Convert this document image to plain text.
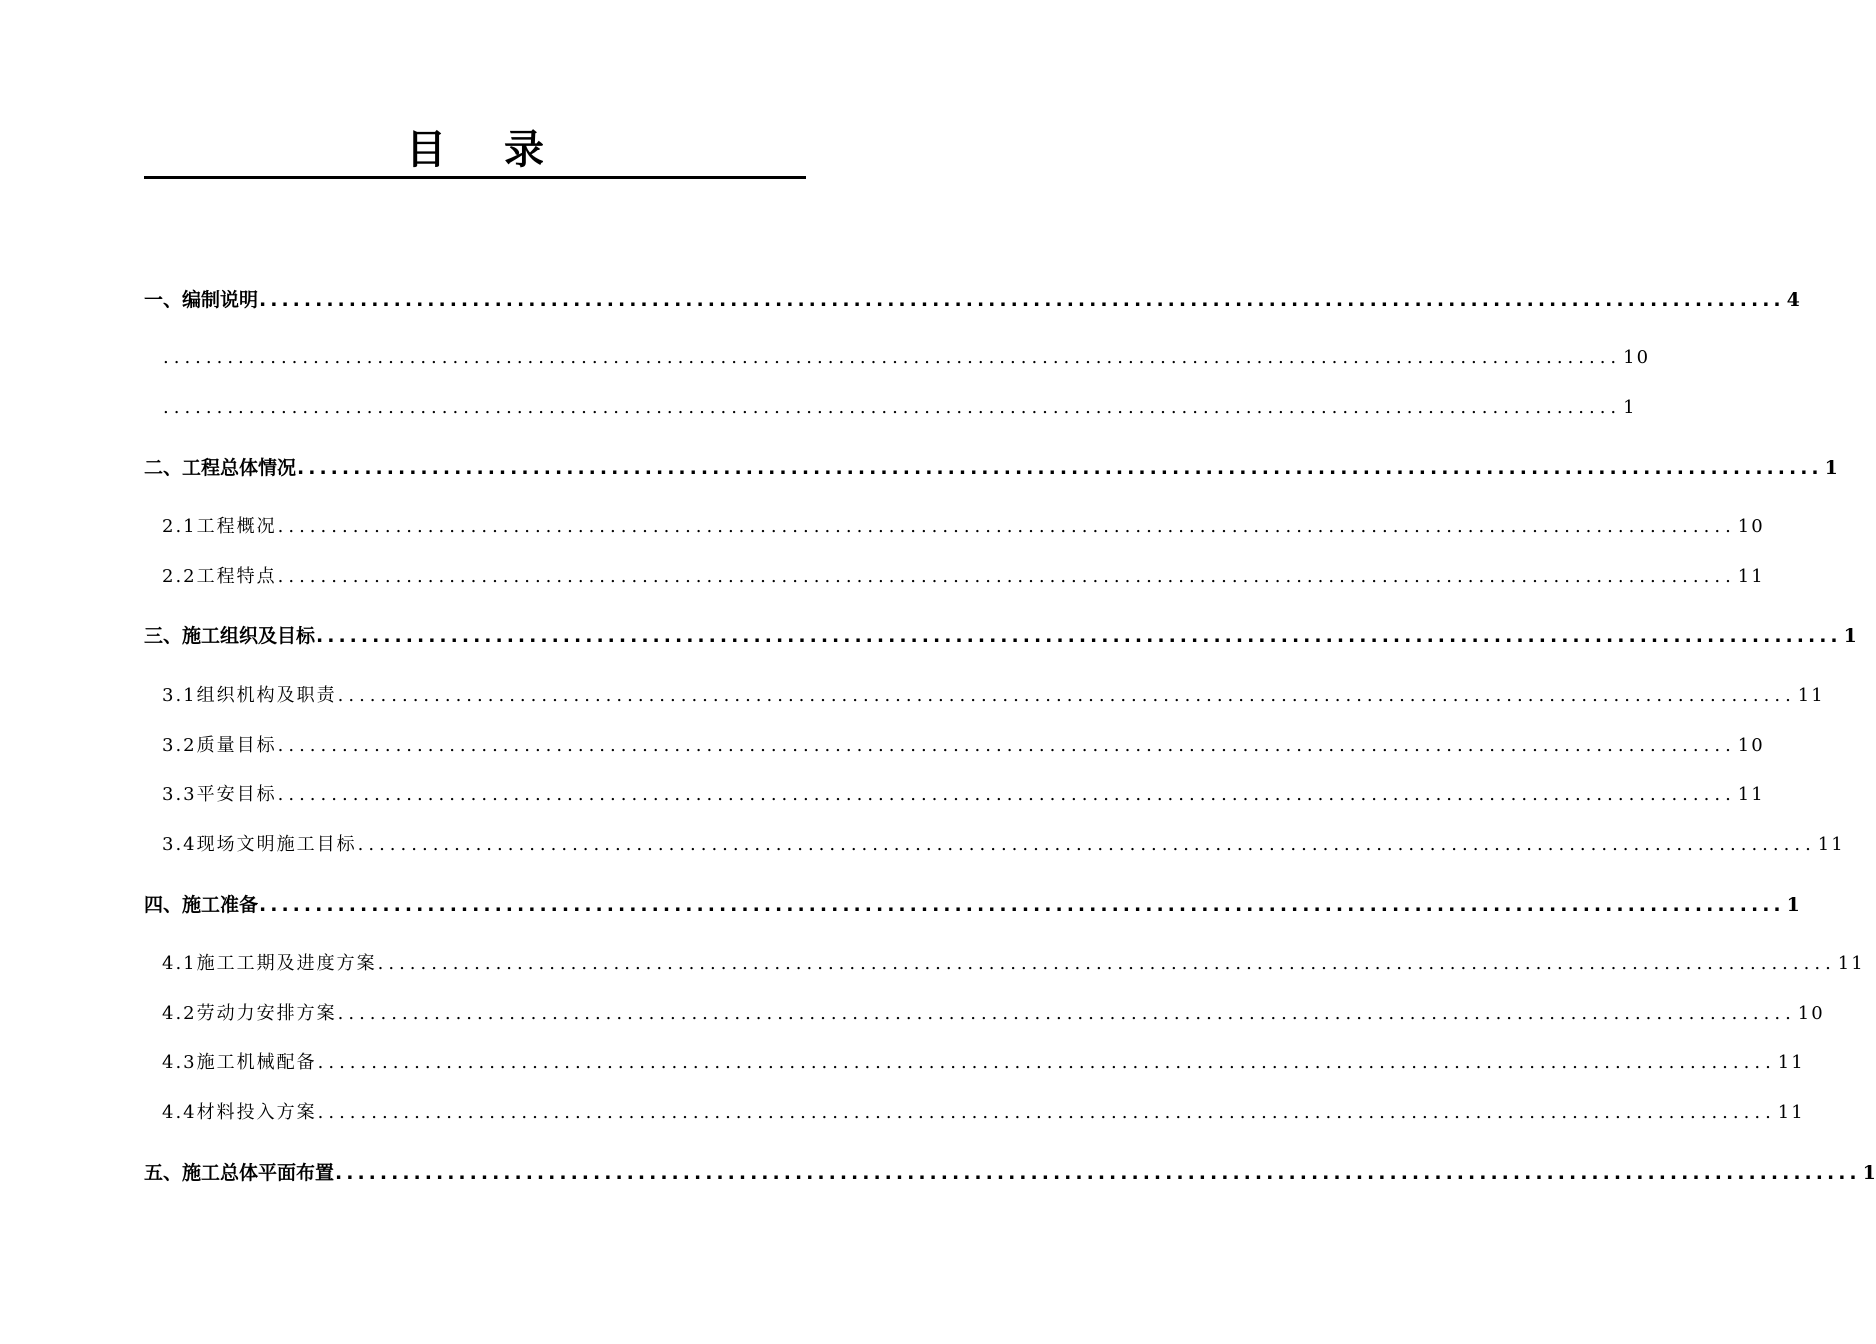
目 录
一、编制说明 ........................................................................................................................................ 4
........................................................................................................................................ 10
........................................................................................................................................ 1
二、工程总体情况 ........................................................................................................................................ 1
2.1工程概况 ........................................................................................................................................ 10
2.2工程特点 ........................................................................................................................................ 11
三、施工组织及目标 ........................................................................................................................................ 1
3.1组织机构及职责 ........................................................................................................................................ 11
3.2质量目标 ........................................................................................................................................ 10
3.3平安目标 ........................................................................................................................................ 11
3.4现场文明施工目标 ........................................................................................................................................ 11
四、施工准备 ........................................................................................................................................ 1
4.1施工工期及进度方案 ........................................................................................................................................ 11
4.2劳动力安排方案 ........................................................................................................................................ 10
4.3施工机械配备 ........................................................................................................................................ 11
4.4材料投入方案 ........................................................................................................................................ 11
五、施工总体平面布置 ........................................................................................................................................ 1
